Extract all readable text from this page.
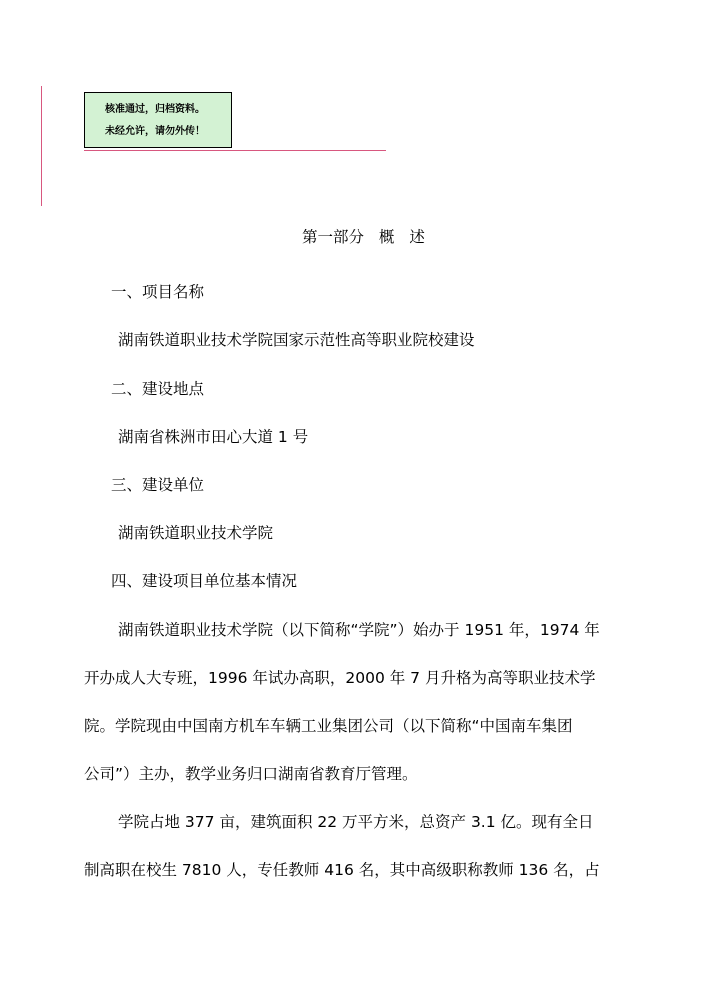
核准通过，归档资料。
未经允许，请勿外传！
第一部分 概 述
一、项目名称
湖南铁道职业技术学院国家示范性高等职业院校建设
二、建设地点
湖南省株洲市田心大道 1 号
三、建设单位
湖南铁道职业技术学院
四、建设项目单位基本情况
湖南铁道职业技术学院（以下简称“学院”）始办于 1951 年，1974 年
开办成人大专班，1996 年试办高职，2000 年 7 月升格为高等职业技术学
院。学院现由中国南方机车车辆工业集团公司（以下简称“中国南车集团
公司”）主办，教学业务归口湖南省教育厅管理。
学院占地 377 亩，建筑面积 22 万平方米，总资产 3.1 亿。现有全日
制高职在校生 7810 人，专任教师 416 名，其中高级职称教师 136 名，占
